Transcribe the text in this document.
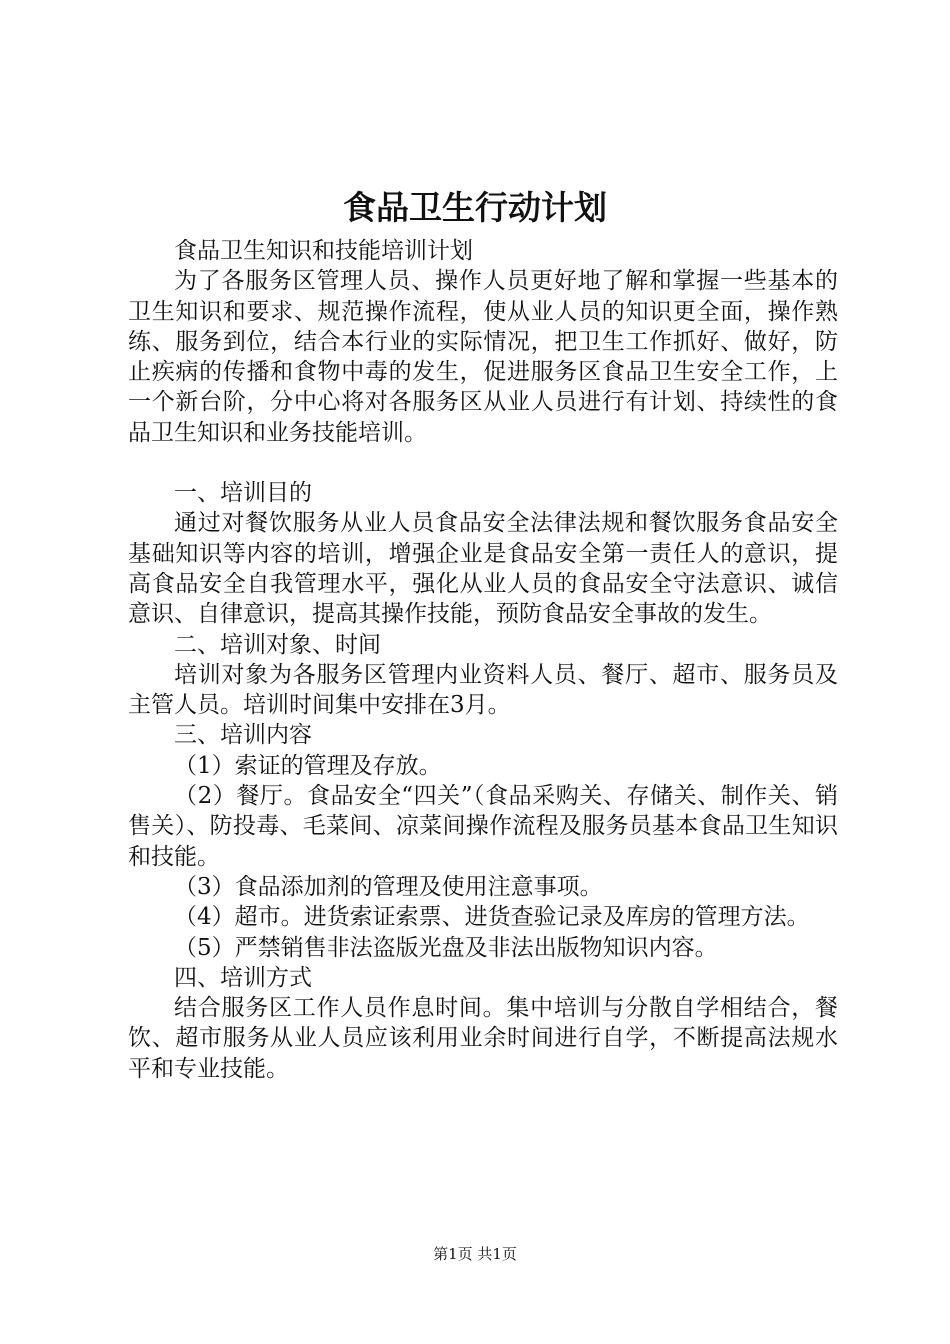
食品卫生行动计划

食品卫生知识和技能培训计划

为了各服务区管理人员、操作人员更好地了解和掌握一些基本的卫生知识和要求、规范操作流程，使从业人员的知识更全面，操作熟练、服务到位，结合本行业的实际情况，把卫生工作抓好、做好，防止疾病的传播和食物中毒的发生，促进服务区食品卫生安全工作，上一个新台阶，分中心将对各服务区从业人员进行有计划、持续性的食品卫生知识和业务技能培训。

一、培训目的

通过对餐饮服务从业人员食品安全法律法规和餐饮服务食品安全基础知识等内容的培训，增强企业是食品安全第一责任人的意识，提高食品安全自我管理水平，强化从业人员的食品安全守法意识、诚信意识、自律意识，提高其操作技能，预防食品安全事故的发生。

二、培训对象、时间

培训对象为各服务区管理内业资料人员、餐厅、超市、服务员及主管人员。培训时间集中安排在3月。

三、培训内容

（1）索证的管理及存放。

（2）餐厅。食品安全“四关”（食品采购关、存储关、制作关、销售关）、防投毒、毛菜间、凉菜间操作流程及服务员基本食品卫生知识和技能。

（3）食品添加剂的管理及使用注意事项。

（4）超市。进货索证索票、进货查验记录及库房的管理方法。

（5）严禁销售非法盗版光盘及非法出版物知识内容。

四、培训方式

结合服务区工作人员作息时间。集中培训与分散自学相结合，餐饮、超市服务从业人员应该利用业余时间进行自学，不断提高法规水平和专业技能。

第1页 共1页
